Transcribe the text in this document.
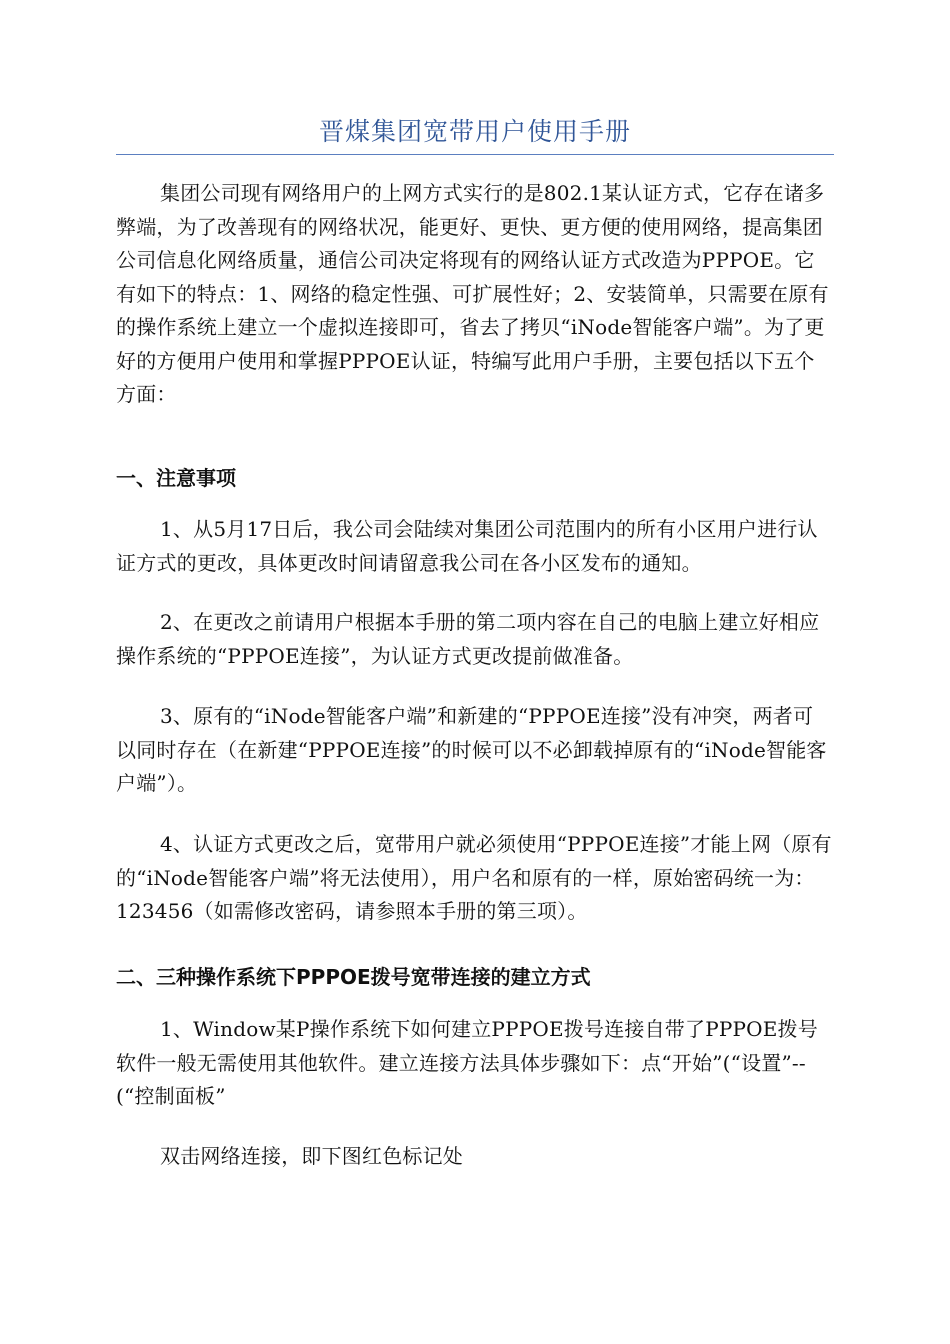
晋煤集团宽带用户使用手册

集团公司现有网络用户的上网方式实行的是802.1某认证方式，它存在诸多弊端，为了改善现有的网络状况，能更好、更快、更方便的使用网络，提高集团公司信息化网络质量，通信公司决定将现有的网络认证方式改造为PPPOE。它有如下的特点：1、网络的稳定性强、可扩展性好；2、安装简单，只需要在原有的操作系统上建立一个虚拟连接即可，省去了拷贝“iNode智能客户端”。为了更好的方便用户使用和掌握PPPOE认证，特编写此用户手册，主要包括以下五个方面：

一、注意事项

1、从5月17日后，我公司会陆续对集团公司范围内的所有小区用户进行认证方式的更改，具体更改时间请留意我公司在各小区发布的通知。

2、在更改之前请用户根据本手册的第二项内容在自己的电脑上建立好相应操作系统的“PPPOE连接”，为认证方式更改提前做准备。

3、原有的“iNode智能客户端”和新建的“PPPOE连接”没有冲突，两者可以同时存在（在新建“PPPOE连接”的时候可以不必卸载掉原有的“iNode智能客户端”）。

4、认证方式更改之后，宽带用户就必须使用“PPPOE连接”才能上网（原有的“iNode智能客户端”将无法使用），用户名和原有的一样，原始密码统一为：123456（如需修改密码，请参照本手册的第三项）。

二、三种操作系统下PPPOE拨号宽带连接的建立方式

1、Window某P操作系统下如何建立PPPOE拨号连接自带了PPPOE拨号软件一般无需使用其他软件。建立连接方法具体步骤如下：点“开始”(“设置”--(“控制面板”

双击网络连接，即下图红色标记处
